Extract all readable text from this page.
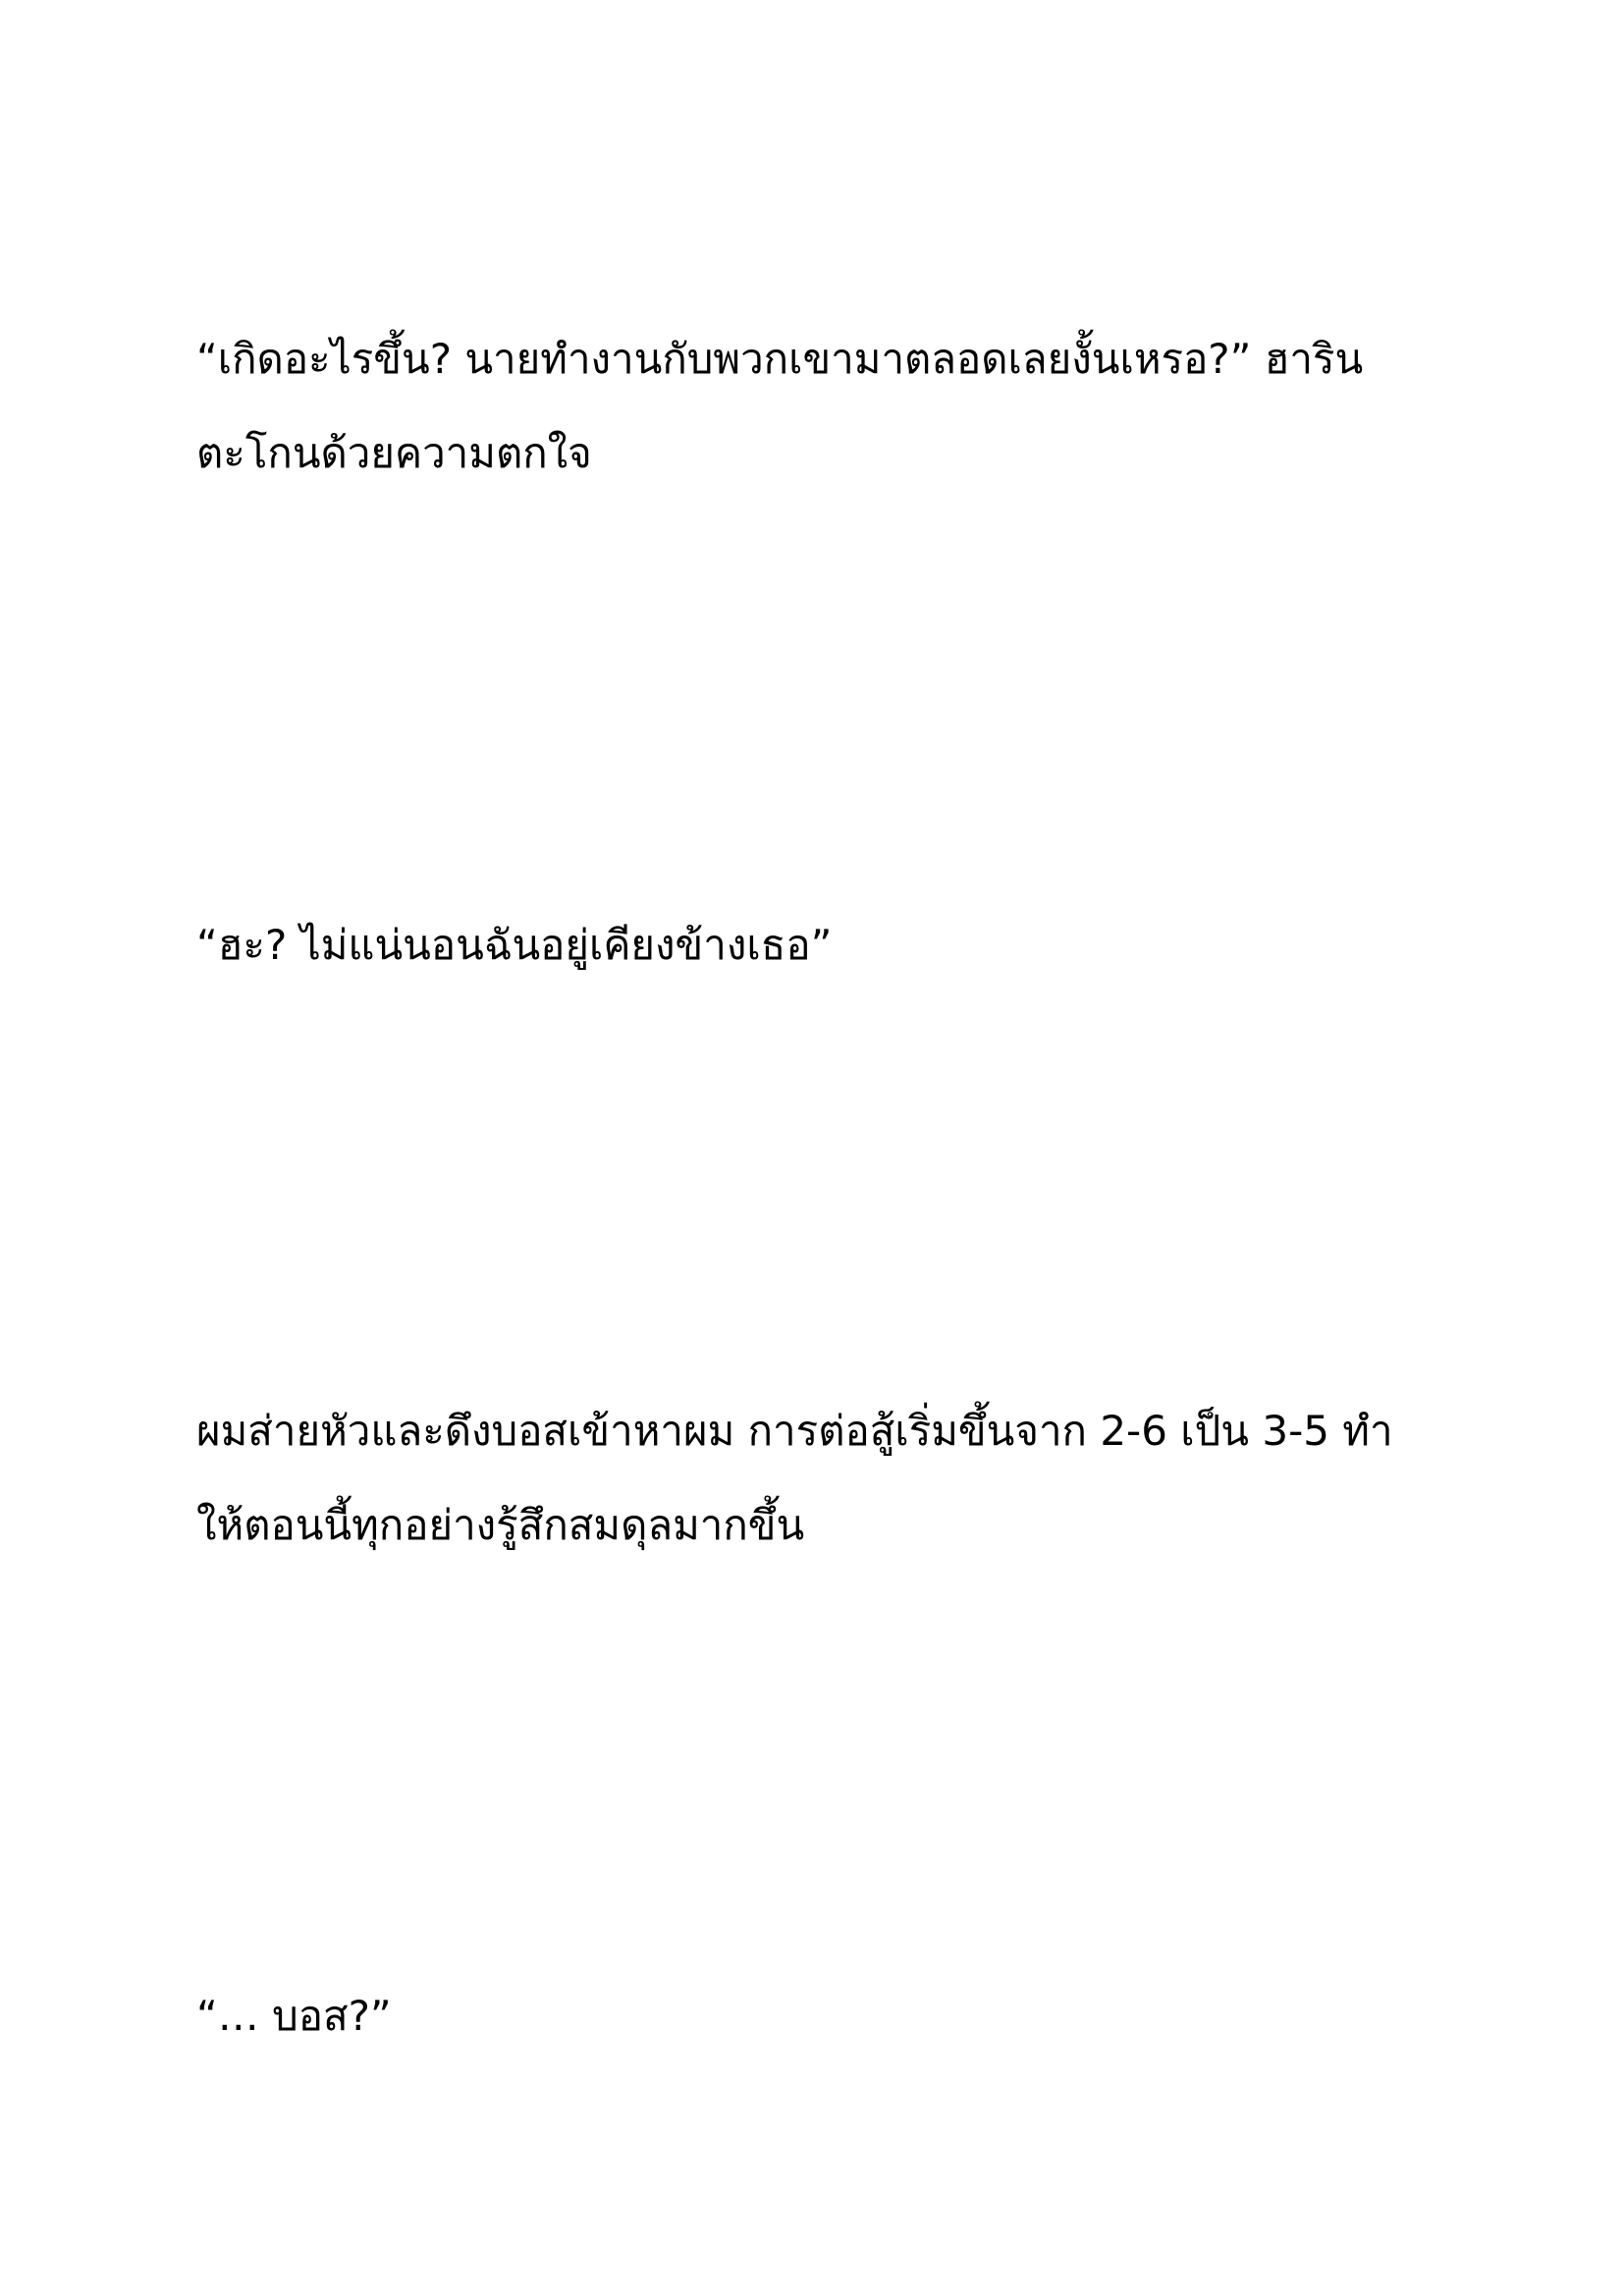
“เกิดอะไรขึ้น? นายทำงานกับพวกเขามาตลอดเลยงั้นเหรอ?” ฮาริน
ตะโกนด้วยความตกใจ

“ฮะ? ไม่แน่นอนฉันอยู่เคียงข้างเธอ”

ผมส่ายหัวและดึงบอสเข้าหาผม การต่อสู้เริ่มขึ้นจาก 2-6 เป็น 3-5 ทำ
ให้ตอนนี้ทุกอย่างรู้สึกสมดุลมากขึ้น

“… บอส?”
